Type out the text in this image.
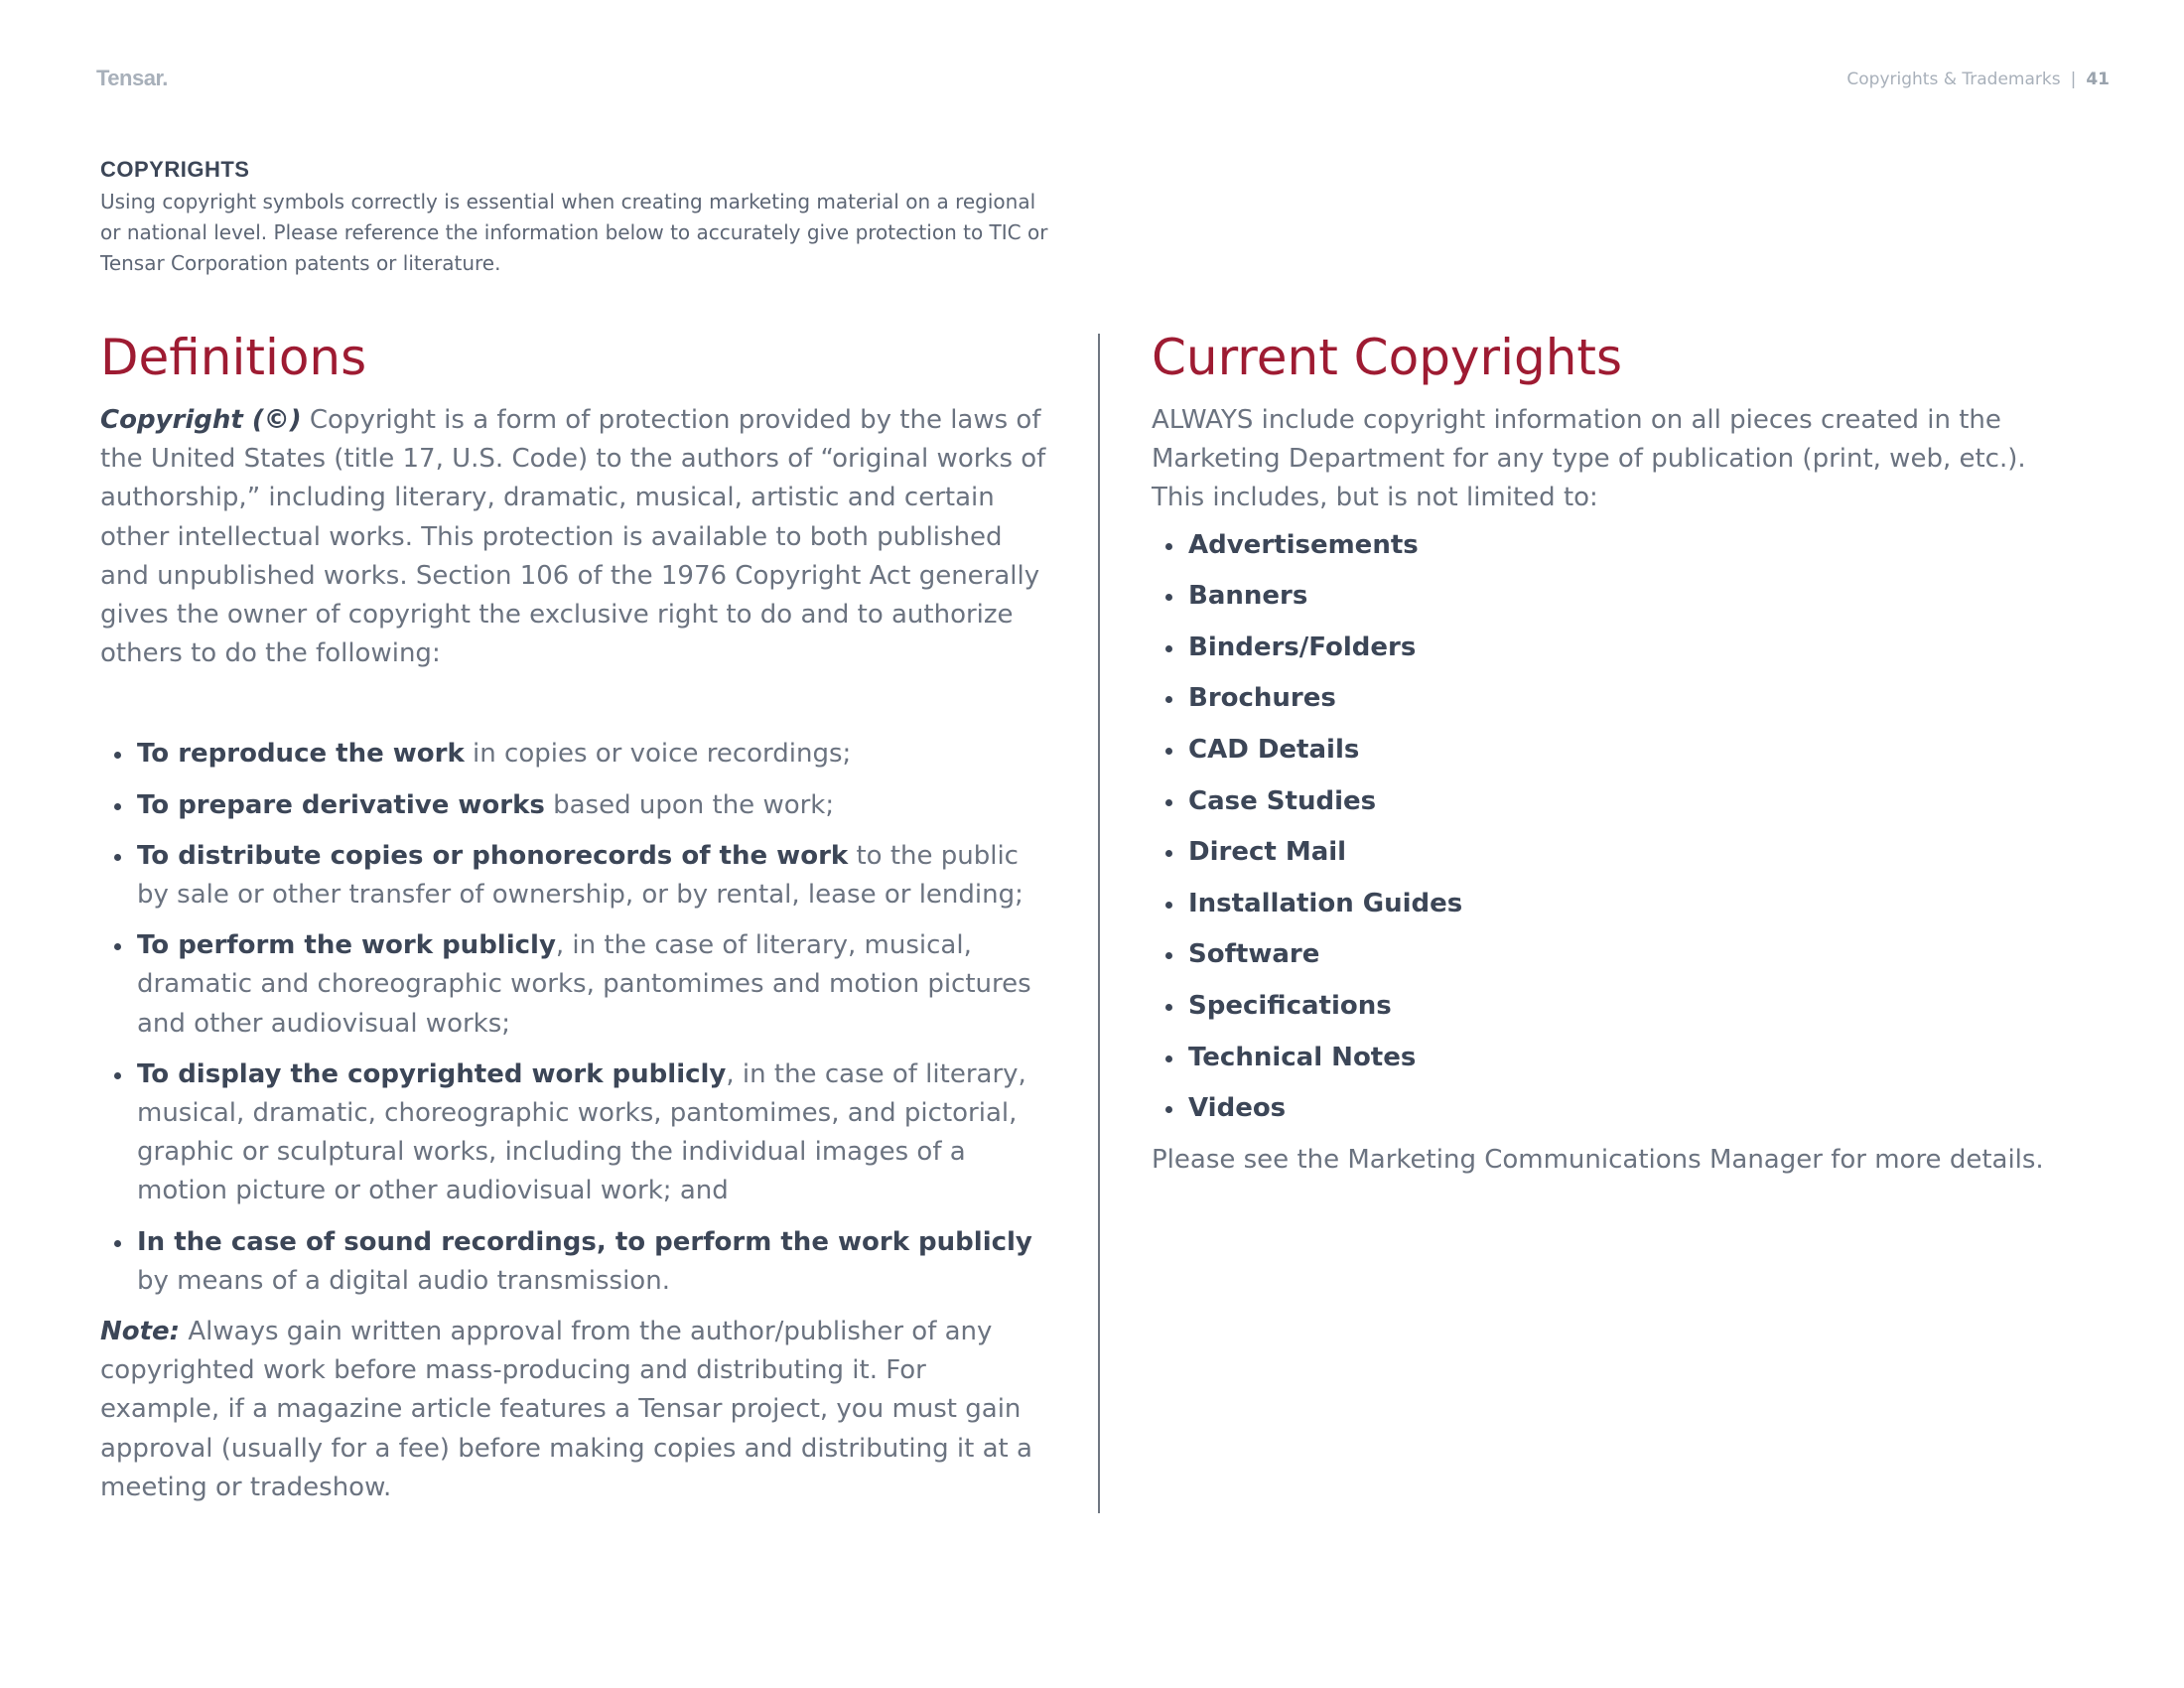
Tensar.	Copyrights & Trademarks | 41
COPYRIGHTS

Using copyright symbols correctly is essential when creating marketing material on a regional or national level. Please reference the information below to accurately give protection to TIC or Tensar Corporation patents or literature.

Definitions

Copyright (©) Copyright is a form of protection provided by the laws of the United States (title 17, U.S. Code) to the authors of “original works of authorship,” including literary, dramatic, musical, artistic and certain other intellectual works. This protection is available to both published and unpublished works. Section 106 of the 1976 Copyright Act generally gives the owner of copyright the exclusive right to do and to authorize others to do the following:

To reproduce the work in copies or voice recordings;
To prepare derivative works based upon the work;
To distribute copies or phonorecords of the work to the public by sale or other transfer of ownership, or by rental, lease or lending;
To perform the work publicly, in the case of literary, musical, dramatic and choreographic works, pantomimes and motion pictures and other audiovisual works;
To display the copyrighted work publicly, in the case of literary, musical, dramatic, choreographic works, pantomimes, and pictorial, graphic or sculptural works, including the individual images of a motion picture or other audiovisual work; and
In the case of sound recordings, to perform the work publicly by means of a digital audio transmission.

Note: Always gain written approval from the author/publisher of any copyrighted work before mass-producing and distributing it. For example, if a magazine article features a Tensar project, you must gain approval (usually for a fee) before making copies and distributing it at a meeting or tradeshow.

Current Copyrights

ALWAYS include copyright information on all pieces created in the Marketing Department for any type of publication (print, web, etc.).

This includes, but is not limited to:

Advertisements
Banners
Binders/Folders
Brochures
CAD Details
Case Studies
Direct Mail
Installation Guides
Software
Specifications
Technical Notes
Videos

Please see the Marketing Communications Manager for more details.
